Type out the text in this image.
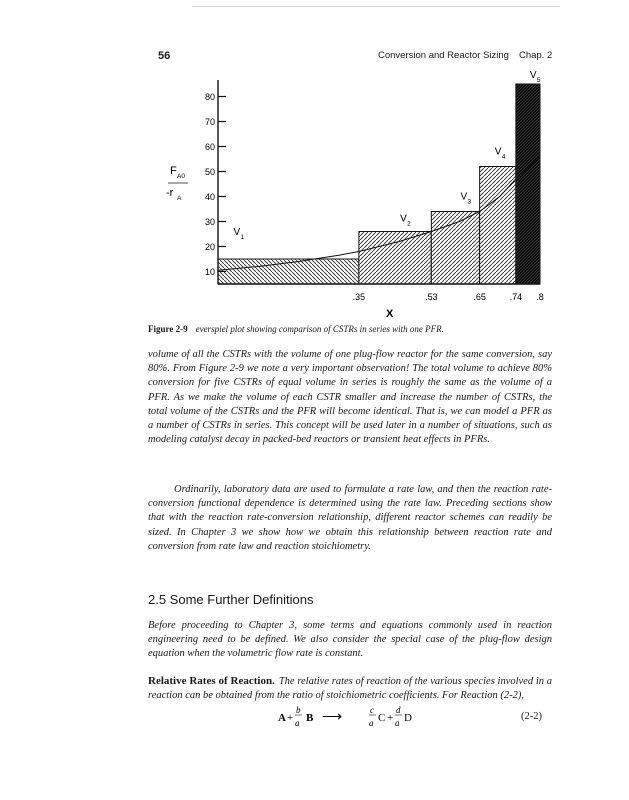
56	Conversion and Reactor Sizing Chap. 2
10
20
30
40
50
60
70
80
.35	.53	.65	.74 .8
V 1
V 2
V 3
V 4
V 5
F A0
-r A
X
Figure 2-9 everspiel plot showing comparison of CSTRs in series with one PFR.

volume of all the CSTRs with the volume of one plug-flow reactor for the same conversion, say 80%. From Figure 2-9 we note a very important observation! The total volume to achieve 80% conversion for five CSTRs of equal volume in series is roughly the same as the volume of a PFR. As we make the volume of each CSTR smaller and increase the number of CSTRs, the total volume of the CSTRs and the PFR will become identical. That is, we can model a PFR as a number of CSTRs in series. This concept will be used later in a number of situations, such as modeling catalyst decay in packed-bed reactors or transient heat effects in PFRs.

Ordinarily, laboratory data are used to formulate a rate law, and then the reaction rate-conversion functional dependence is determined using the rate law. Preceding sections show that with the reaction rate-conversion relationship, different reactor schemes can readily be sized. In Chapter 3 we show how we obtain this relationship between reaction rate and conversion from rate law and reaction stoichiometry.

2.5 Some Further Definitions

Before proceeding to Chapter 3, some terms and equations commonly used in reaction engineering need to be defined. We also consider the special case of the plug-flow design equation when the volumetric flow rate is constant.

Relative Rates of Reaction. The relative rates of reaction of the various species involved in a reaction can be obtained from the ratio of stoichiometric coefficients. For Reaction (2-2),

A +
b
a B ⟶	c
a C +
d
a D	(2-2)
